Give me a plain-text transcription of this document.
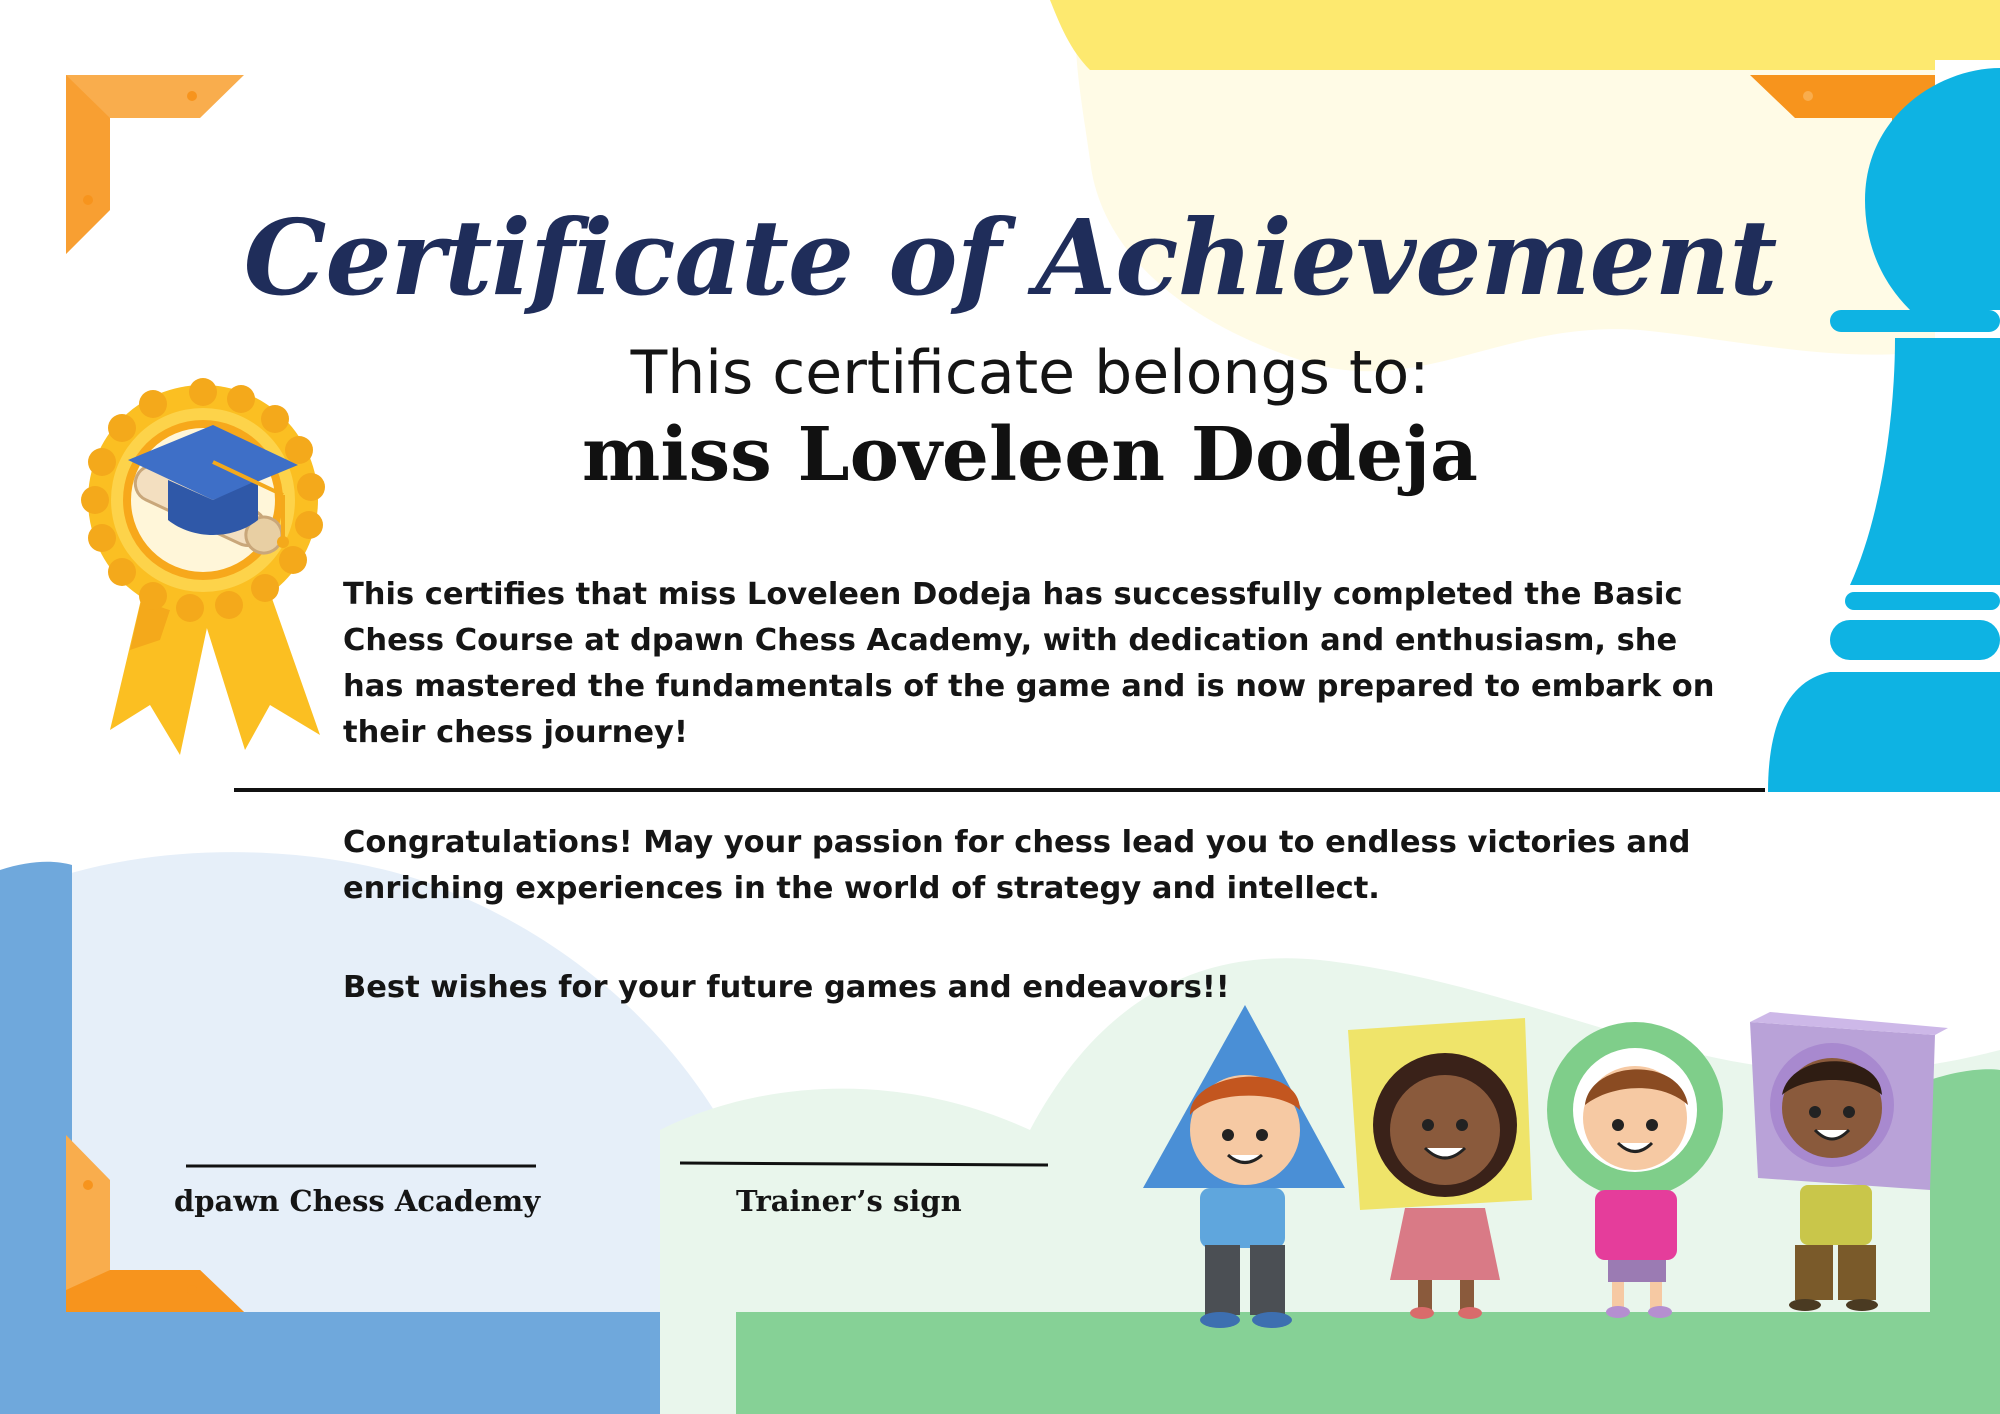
Certificate of Achievement
This certificate belongs to:
miss Loveleen Dodeja

This certifies that miss Loveleen Dodeja has successfully completed the Basic Chess Course at dpawn Chess Academy, with dedication and enthusiasm, she has mastered the fundamentals of the game and is now prepared to embark on their chess journey!

Congratulations! May your passion for chess lead you to endless victories and enriching experiences in the world of strategy and intellect.

Best wishes for your future games and endeavors!!

dpawn Chess Academy	Trainer’s sign
